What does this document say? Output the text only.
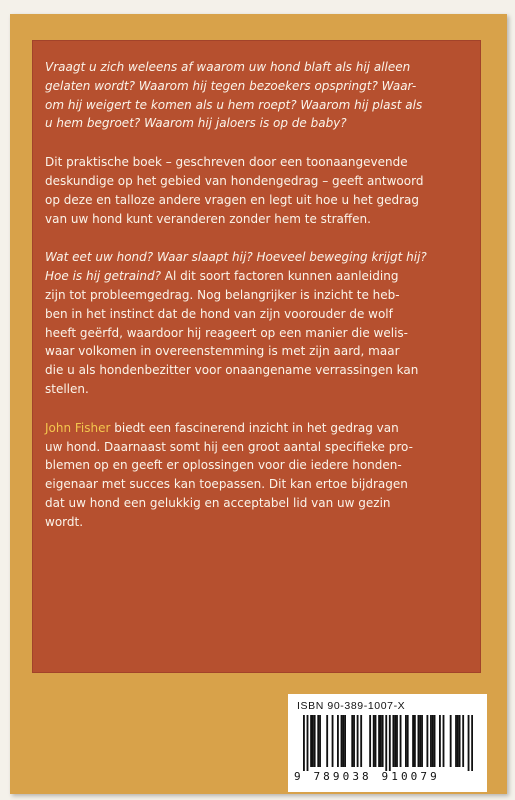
Vraagt u zich weleens af waarom uw hond blaft als hij alleen
gelaten wordt? Waarom hij tegen bezoekers opspringt? Waar-
om hij weigert te komen als u hem roept? Waarom hij plast als
u hem begroet? Waarom hij jaloers is op de baby?

Dit praktische boek – geschreven door een toonaangevende
deskundige op het gebied van hondengedrag – geeft antwoord
op deze en talloze andere vragen en legt uit hoe u het gedrag
van uw hond kunt veranderen zonder hem te straffen.

Wat eet uw hond? Waar slaapt hij? Hoeveel beweging krijgt hij?
Hoe is hij getraind? Al dit soort factoren kunnen aanleiding
zijn tot probleemgedrag. Nog belangrijker is inzicht te heb-
ben in het instinct dat de hond van zijn voorouder de wolf
heeft geërfd, waardoor hij reageert op een manier die welis-
waar volkomen in overeenstemming is met zijn aard, maar
die u als hondenbezitter voor onaangename verrassingen kan
stellen.

John Fisher biedt een fascinerend inzicht in het gedrag van
uw hond. Daarnaast somt hij een groot aantal specifieke pro-
blemen op en geeft er oplossingen voor die iedere honden-
eigenaar met succes kan toepassen. Dit kan ertoe bijdragen
dat uw hond een gelukkig en acceptabel lid van uw gezin
wordt.

ISBN 90-389-1007-X
9 789038 910079
